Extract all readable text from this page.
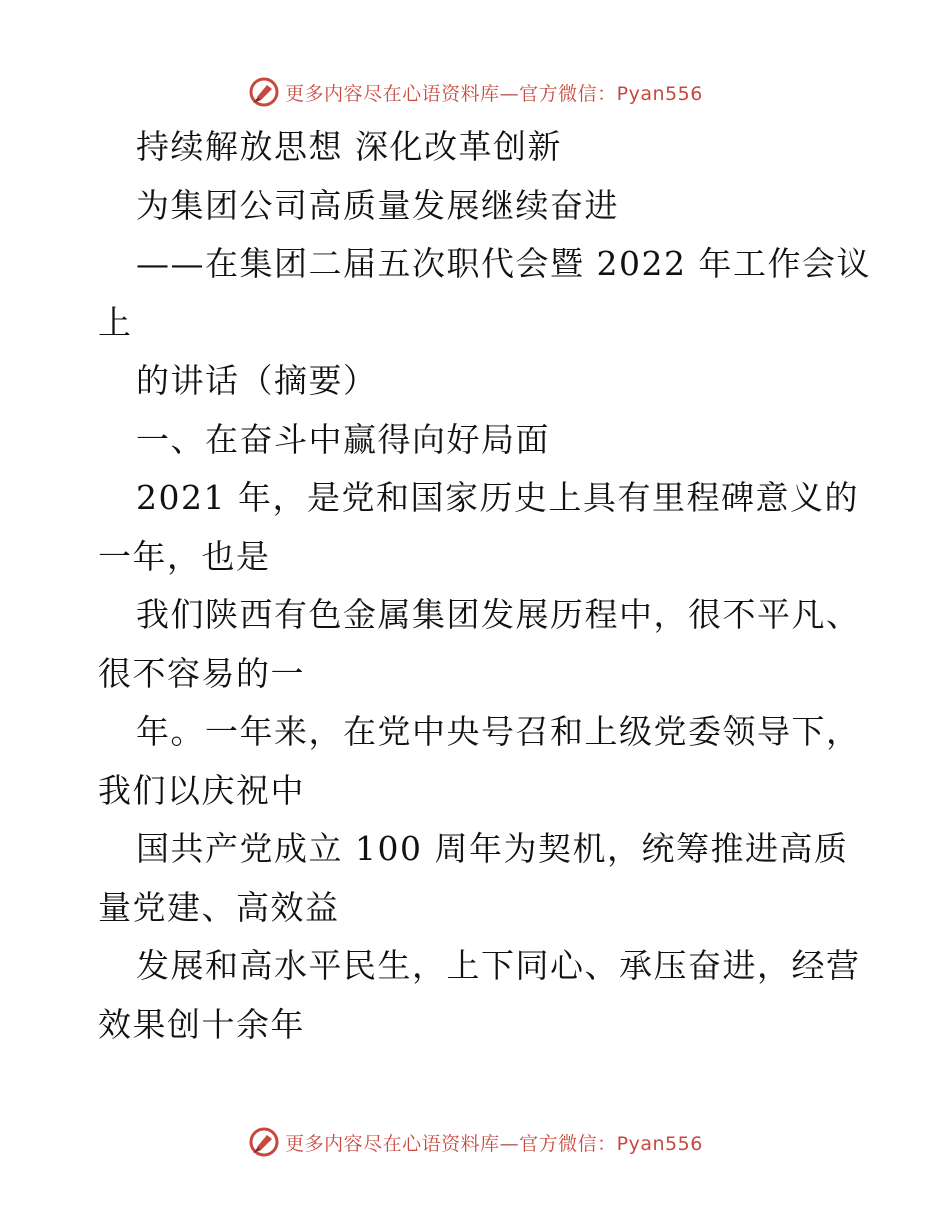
更多内容尽在心语资料库—官方微信：Pyan556
持续解放思想 深化改革创新
为集团公司高质量发展继续奋进
——在集团二届五次职代会暨 2022 年工作会议
上
的讲话（摘要）
一、在奋斗中赢得向好局面
2021 年，是党和国家历史上具有里程碑意义的
一年，也是
我们陕西有色金属集团发展历程中，很不平凡、
很不容易的一
年。一年来，在党中央号召和上级党委领导下，
我们以庆祝中
国共产党成立 100 周年为契机，统筹推进高质
量党建、高效益
发展和高水平民生，上下同心、承压奋进，经营
效果创十余年
更多内容尽在心语资料库—官方微信：Pyan556
